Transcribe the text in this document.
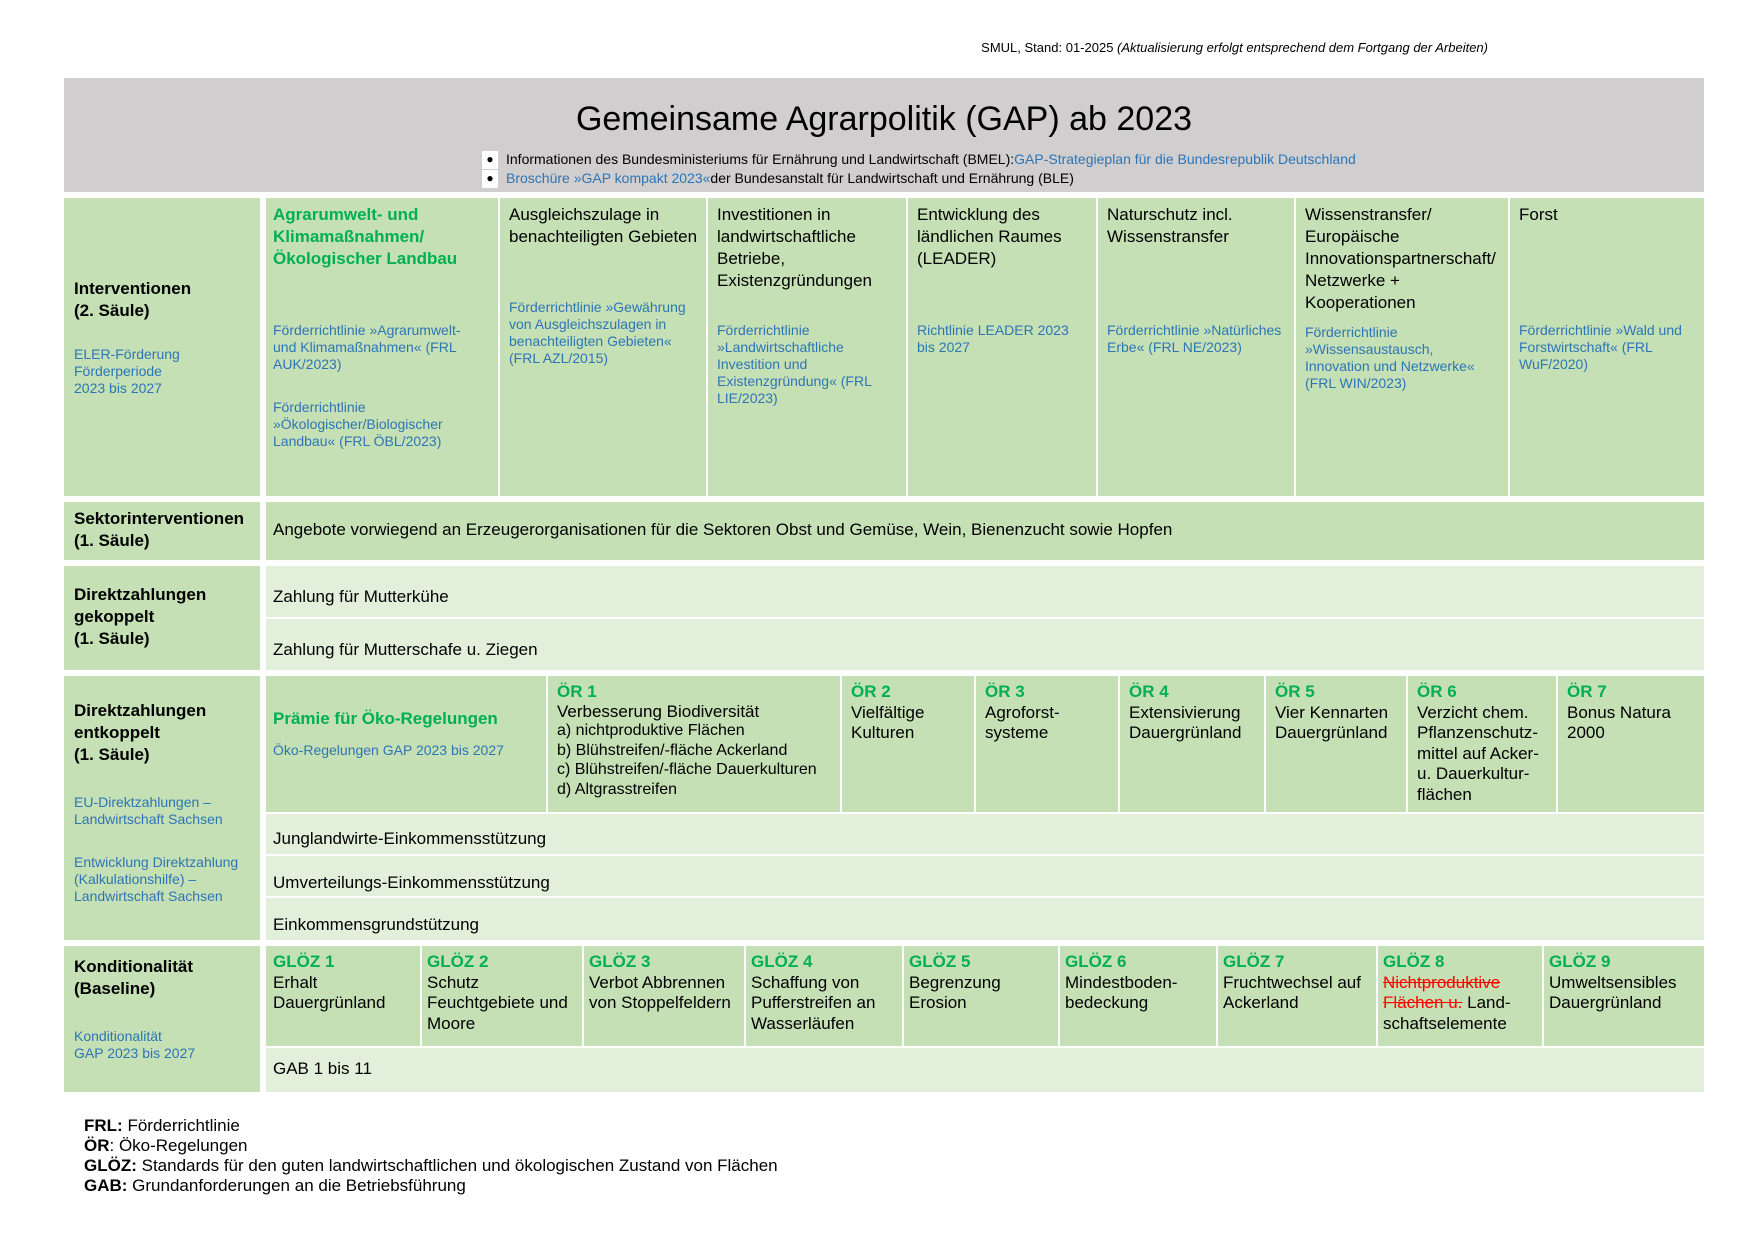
SMUL, Stand: 01-2025 (Aktualisierung erfolgt entsprechend dem Fortgang der Arbeiten)
Gemeinsame Agrarpolitik (GAP) ab 2023
● Informationen des Bundesministeriums für Ernährung und Landwirtschaft (BMEL): GAP-Strategieplan für die Bundesrepublik Deutschland
● Broschüre »GAP kompakt 2023« der Bundesanstalt für Landwirtschaft und Ernährung (BLE)
Interventionen
(2. Säule)
ELER-Förderung
Förderperiode
2023 bis 2027
Agrarumwelt- und Klimamaßnahmen/ Ökologischer Landbau
Förderrichtlinie »Agrarumwelt- und Klimamaßnahmen« (FRL AUK/2023)
Förderrichtlinie »Ökologischer/Biologischer Landbau« (FRL ÖBL/2023)
Ausgleichszulage in benachteiligten Gebieten
Förderrichtlinie »Gewährung von Ausgleichszulagen in benachteiligten Gebieten« (FRL AZL/2015)
Investitionen in landwirtschaftliche Betriebe, Existenzgründungen
Förderrichtlinie »Landwirtschaftliche Investition und Existenzgründung« (FRL LIE/2023)
Entwicklung des ländlichen Raumes (LEADER)
Richtlinie LEADER 2023 bis 2027
Naturschutz incl. Wissenstransfer
Förderrichtlinie »Natürliches Erbe« (FRL NE/2023)
Wissenstransfer/ Europäische Innovationspartnerschaft/ Netzwerke + Kooperationen
Förderrichtlinie »Wissensaustausch, Innovation und Netzwerke« (FRL WIN/2023)
Forst
Förderrichtlinie »Wald und Forstwirtschaft« (FRL WuF/2020)
Sektorinterventionen
(1. Säule)
Angebote vorwiegend an Erzeugerorganisationen für die Sektoren Obst und Gemüse, Wein, Bienenzucht sowie Hopfen
Direktzahlungen
gekoppelt
(1. Säule)
Zahlung für Mutterkühe
Zahlung für Mutterschafe u. Ziegen
Direktzahlungen
entkoppelt
(1. Säule)
EU-Direktzahlungen – Landwirtschaft Sachsen
Entwicklung Direktzahlung (Kalkulationshilfe) – Landwirtschaft Sachsen
Prämie für Öko-Regelungen
Öko-Regelungen GAP 2023 bis 2027
ÖR 1
Verbesserung Biodiversität
a) nichtproduktive Flächen
b) Blühstreifen/-fläche Ackerland
c) Blühstreifen/-fläche Dauerkulturen
d) Altgrasstreifen
ÖR 2
Vielfältige
Kulturen
ÖR 3
Agroforst-
systeme
ÖR 4
Extensivierung
Dauergrünland
ÖR 5
Vier Kennarten
Dauergrünland
ÖR 6
Verzicht chem.
Pflanzenschutz-
mittel auf Acker-
u. Dauerkultur-
flächen
ÖR 7
Bonus Natura
2000
Junglandwirte-Einkommensstützung
Umverteilungs-Einkommensstützung
Einkommensgrundstützung
Konditionalität
(Baseline)
Konditionalität
GAP 2023 bis 2027
GLÖZ 1
Erhalt
Dauergrünland
GLÖZ 2
Schutz
Feuchtgebiete und
Moore
GLÖZ 3
Verbot Abbrennen
von Stoppelfeldern
GLÖZ 4
Schaffung von
Pufferstreifen an
Wasserläufen
GLÖZ 5
Begrenzung
Erosion
GLÖZ 6
Mindestboden-
bedeckung
GLÖZ 7
Fruchtwechsel auf
Ackerland
GLÖZ 8
Nichtproduktive
Flächen u. Land-
schaftselemente
GLÖZ 9
Umweltsensibles
Dauergrünland
GAB 1 bis 11
FRL: Förderrichtlinie
ÖR: Öko-Regelungen
GLÖZ: Standards für den guten landwirtschaftlichen und ökologischen Zustand von Flächen
GAB: Grundanforderungen an die Betriebsführung
